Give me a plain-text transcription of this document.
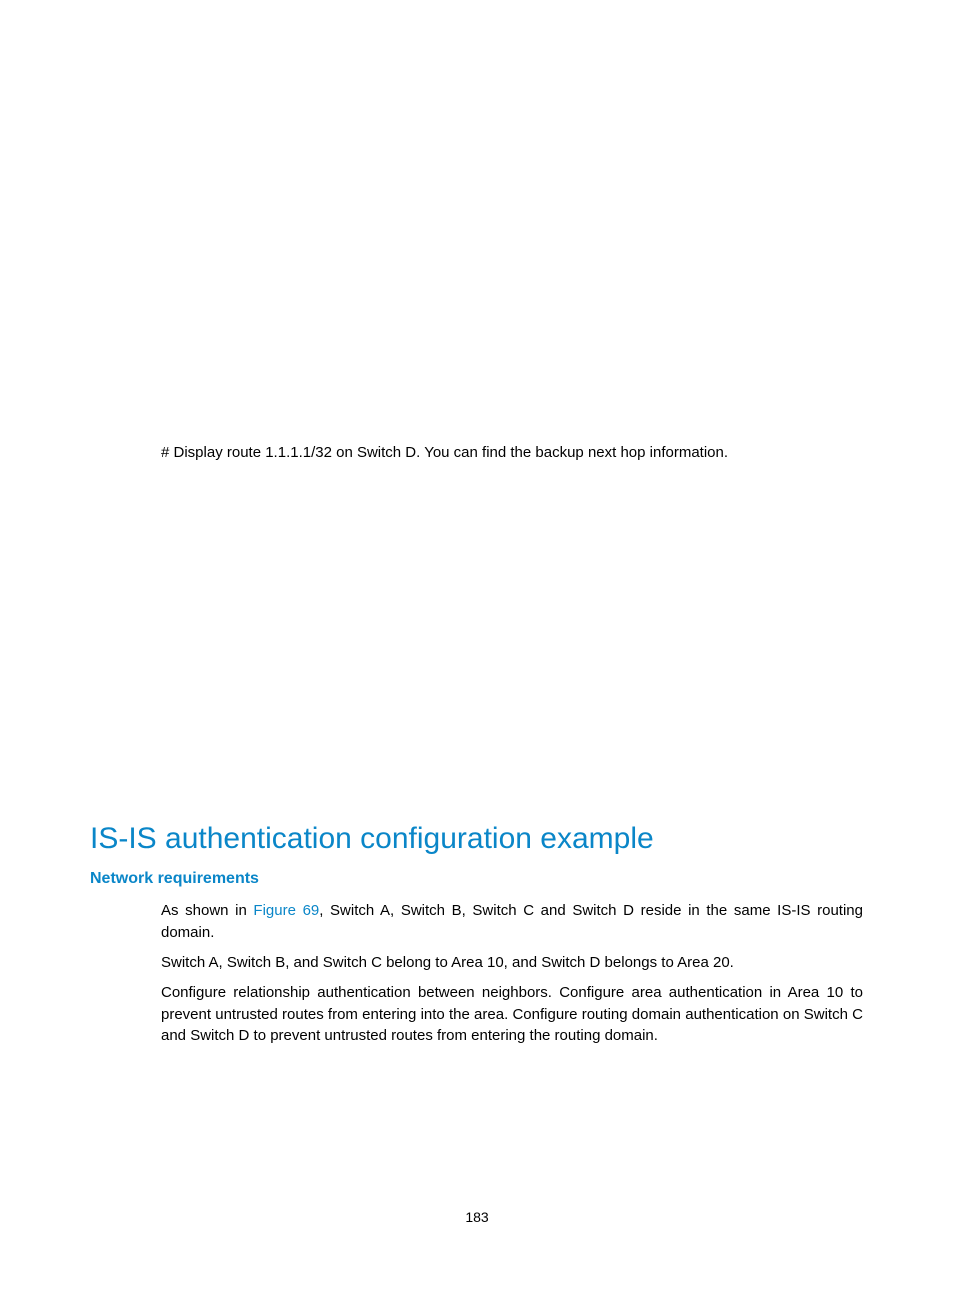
# Display route 1.1.1.1/32 on Switch D. You can find the backup next hop information.

IS-IS authentication configuration example
Network requirements

As shown in Figure 69, Switch A, Switch B, Switch C and Switch D reside in the same IS-IS routing domain.

Switch A, Switch B, and Switch C belong to Area 10, and Switch D belongs to Area 20.

Configure relationship authentication between neighbors. Configure area authentication in Area 10 to prevent untrusted routes from entering into the area. Configure routing domain authentication on Switch C and Switch D to prevent untrusted routes from entering the routing domain.

183
